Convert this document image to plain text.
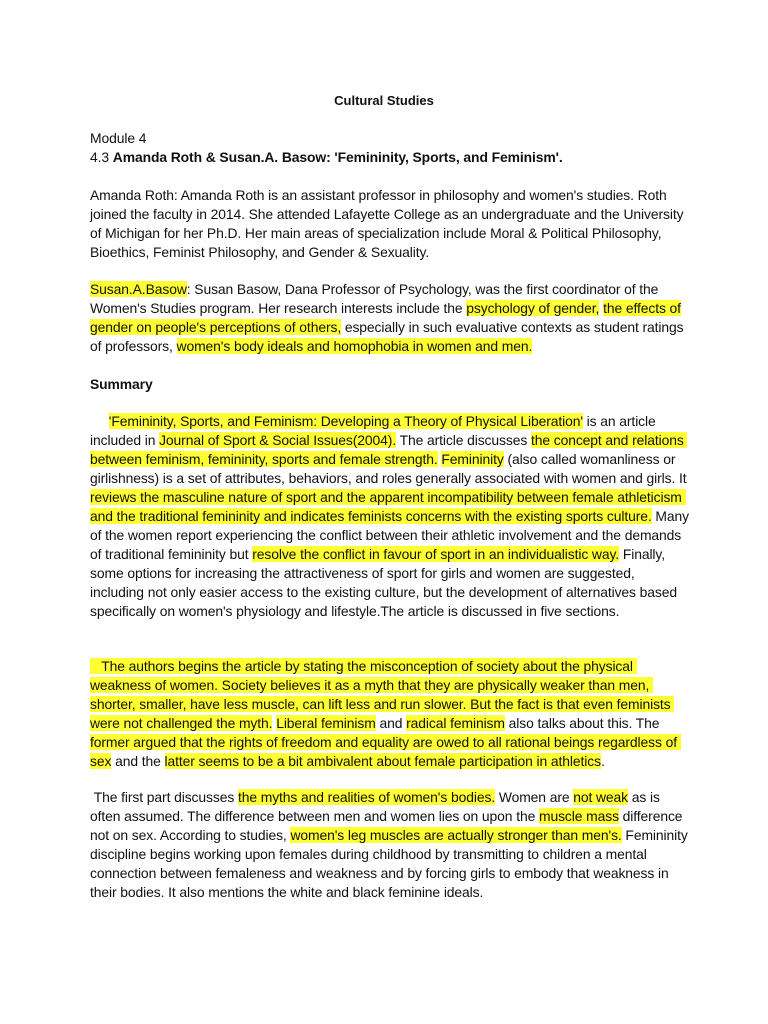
Cultural Studies
Module 4
4.3 Amanda Roth & Susan.A. Basow: 'Femininity, Sports, and Feminism'.

Amanda Roth: Amanda Roth is an assistant professor in philosophy and women's studies. Roth joined the faculty in 2014. She attended Lafayette College as an undergraduate and the University of Michigan for her Ph.D. Her main areas of specialization include Moral & Political Philosophy, Bioethics, Feminist Philosophy, and Gender & Sexuality.

Susan.A.Basow: Susan Basow, Dana Professor of Psychology, was the first coordinator of the Women's Studies program. Her research interests include the psychology of gender, the effects of gender on people's perceptions of others, especially in such evaluative contexts as student ratings of professors, women's body ideals and homophobia in women and men.

Summary

'Femininity, Sports, and Feminism: Developing a Theory of Physical Liberation' is an article included in Journal of Sport & Social Issues(2004). The article discusses the concept and relations between feminism, femininity, sports and female strength. Femininity (also called womanliness or girlishness) is a set of attributes, behaviors, and roles generally associated with women and girls. It reviews the masculine nature of sport and the apparent incompatibility between female athleticism and the traditional femininity and indicates feminists concerns with the existing sports culture. Many of the women report experiencing the conflict between their athletic involvement and the demands of traditional femininity but resolve the conflict in favour of sport in an individualistic way. Finally, some options for increasing the attractiveness of sport for girls and women are suggested, including not only easier access to the existing culture, but the development of alternatives based specifically on women's physiology and lifestyle.The article is discussed in five sections.

The authors begins the article by stating the misconception of society about the physical weakness of women. Society believes it as a myth that they are physically weaker than men, shorter, smaller, have less muscle, can lift less and run slower. But the fact is that even feminists were not challenged the myth. Liberal feminism and radical feminism also talks about this. The former argued that the rights of freedom and equality are owed to all rational beings regardless of sex and the latter seems to be a bit ambivalent about female participation in athletics.

The first part discusses the myths and realities of women's bodies. Women are not weak as is often assumed. The difference between men and women lies on upon the muscle mass difference not on sex. According to studies, women's leg muscles are actually stronger than men's. Femininity discipline begins working upon females during childhood by transmitting to children a mental connection between femaleness and weakness and by forcing girls to embody that weakness in their bodies. It also mentions the white and black feminine ideals.
